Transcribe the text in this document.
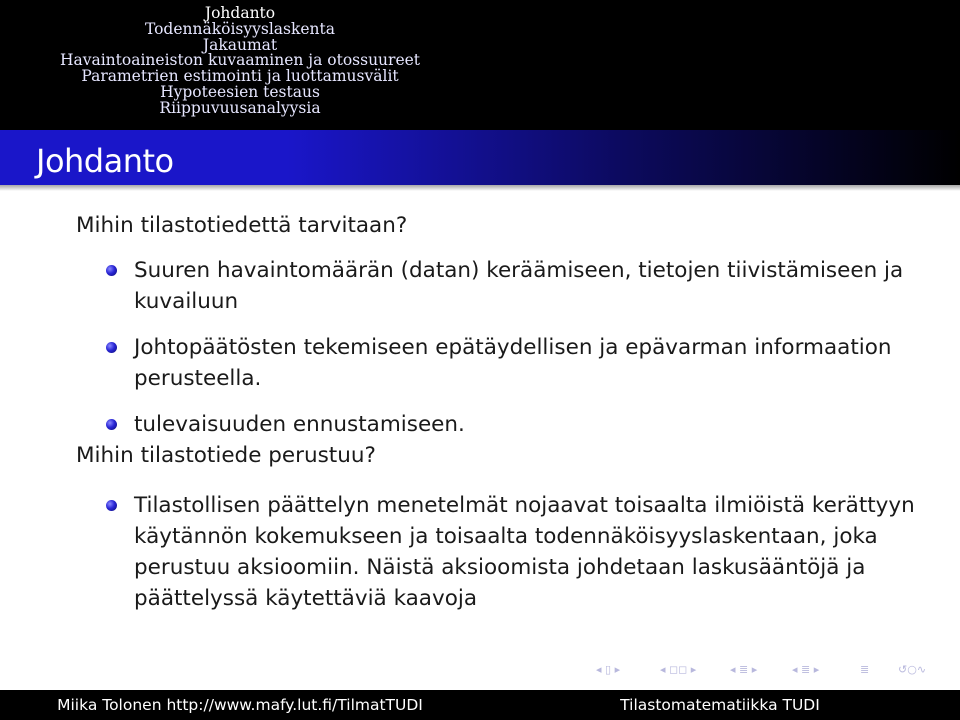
Johdanto
Todennäköisyyslaskenta
Jakaumat
Havaintoaineiston kuvaaminen ja otossuureet
Parametrien estimointi ja luottamusvälit
Hypoteesien testaus
Riippuvuusanalyysia
Johdanto

Mihin tilastotiedettä tarvitaan?

Suuren havaintomäärän (datan) keräämiseen, tietojen tiivistämiseen ja kuvailuun
Johtopäätösten tekemiseen epätäydellisen ja epävarman informaation perusteella.
tulevaisuuden ennustamiseen.

Mihin tilastotiede perustuu?

Tilastollisen päättelyn menetelmät nojaavat toisaalta ilmiöistä kerättyyn käytännön kokemukseen ja toisaalta todennäköisyyslaskentaan, joka perustuu aksioomiin. Näistä aksioomista johdetaan laskusääntöjä ja päättelyssä käytettäviä kaavoja
◂ ▯ ▸	◂ ◻◻ ▸	◂ ≣ ▸	◂ ≣ ▸	≣	↺○∿
Miika Tolonen http://www.mafy.lut.fi/TilmatTUDI	Tilastomatematiikka TUDI
